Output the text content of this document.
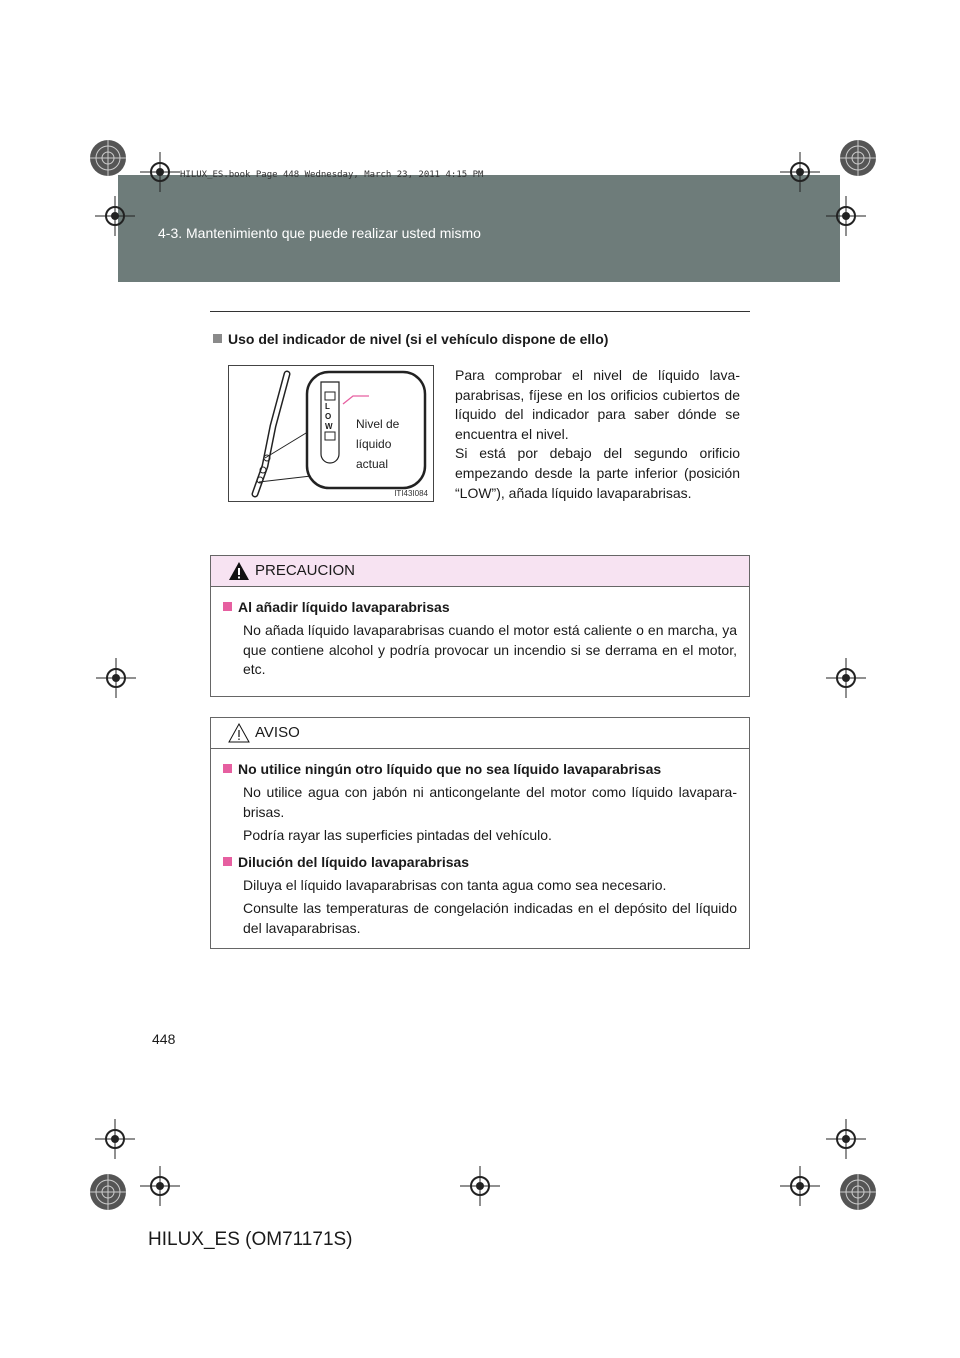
4-3. Mantenimiento que puede realizar usted mismo
HILUX_ES.book Page 448 Wednesday, March 23, 2011 4:15 PM
Uso del indicador de nivel (si el vehículo dispone de ello)
L
O
W Nivel de
líquido
actual
ITI43I084

Para comprobar el nivel de líquido lavaparabrisas, fíjese en los orificios cubiertos de líquido del indicador para saber dónde se encuentra el nivel.

Si está por debajo del segundo orificio empezando desde la parte inferior (posición “LOW”), añada líquido lavaparabrisas.

PRECAUCION
Al añadir líquido lavaparabrisas

No añada líquido lavaparabrisas cuando el motor está caliente o en marcha, ya que contiene alcohol y podría provocar un incendio si se derrama en el motor, etc.

AVISO
No utilice ningún otro líquido que no sea líquido lavaparabrisas

No utilice agua con jabón ni anticongelante del motor como líquido lavaparabrisas.

Podría rayar las superficies pintadas del vehículo.

Dilución del líquido lavaparabrisas

Diluya el líquido lavaparabrisas con tanta agua como sea necesario.

Consulte las temperaturas de congelación indicadas en el depósito del líquido del lavaparabrisas.

448
HILUX_ES (OM71171S)
